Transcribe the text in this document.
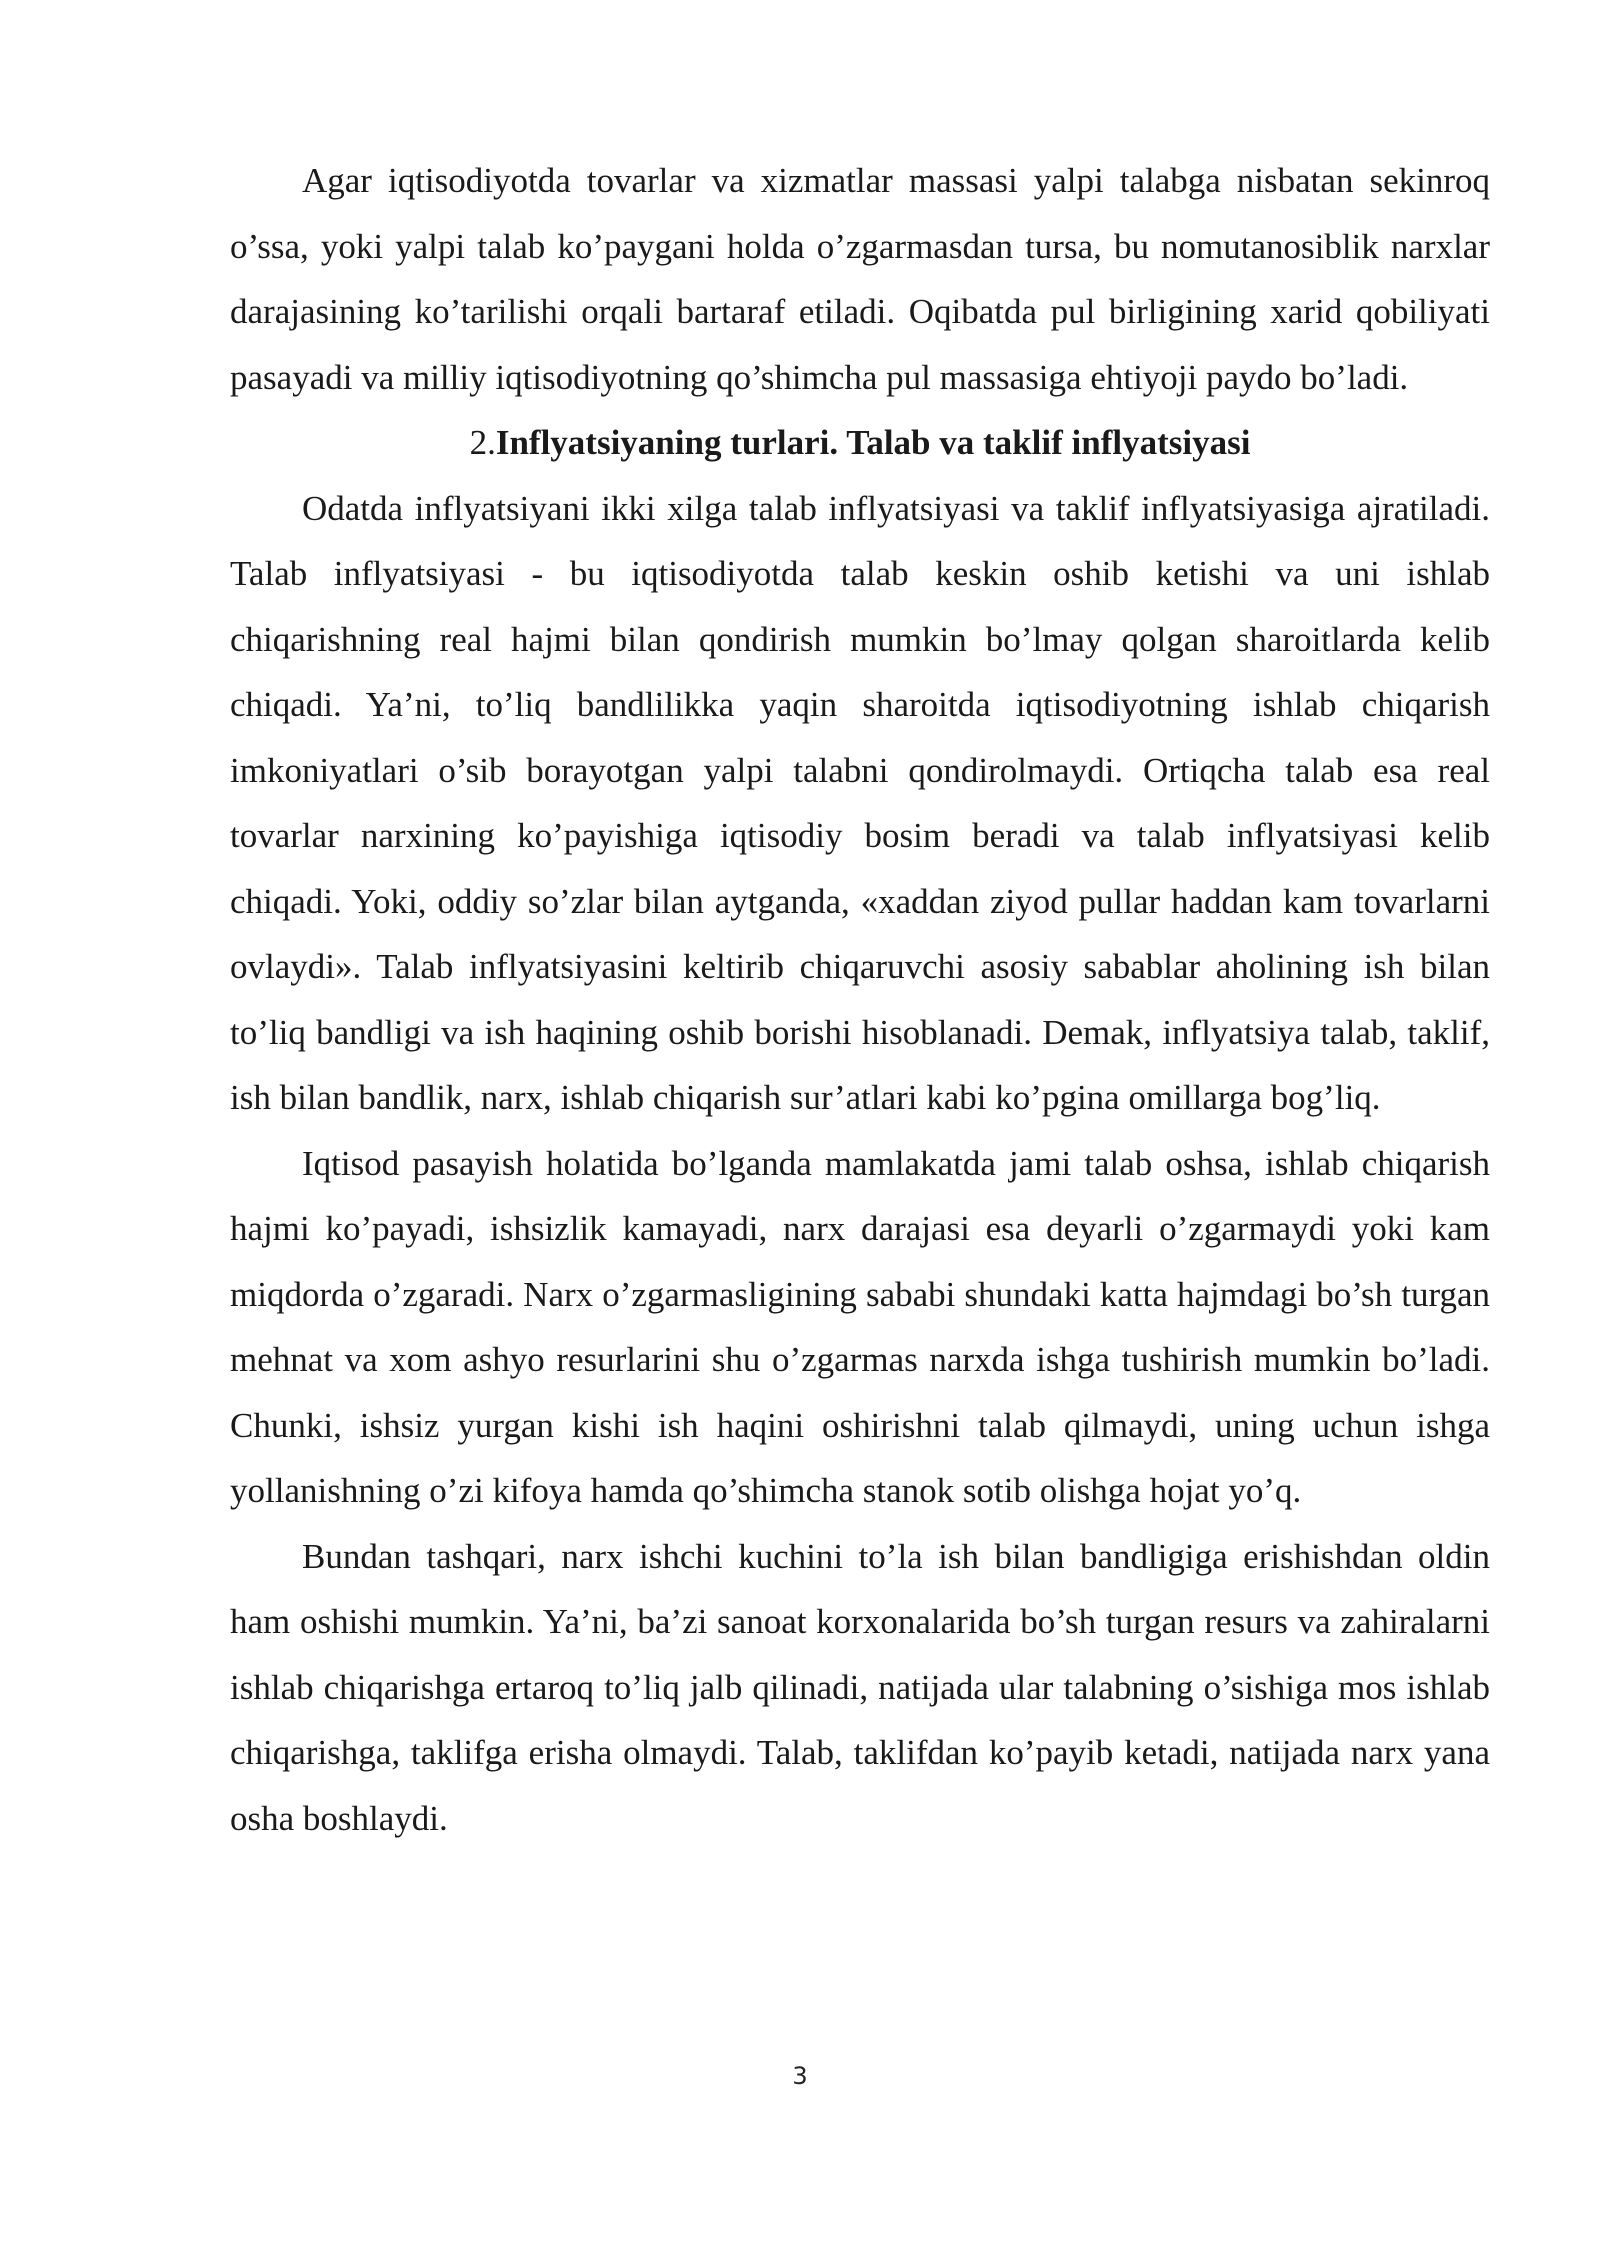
Agar iqtisodiyotda tovarlar va xizmatlar massasi yalpi talabga nisbatan sekinroq o’ssa, yoki yalpi talab ko’paygani holda o’zgarmasdan tursa, bu nomutanosiblik narxlar darajasining ko’tarilishi orqali bartaraf etiladi. Oqibatda pul birligining xarid qobiliyati pasayadi va milliy iqtisodiyotning qo’shimcha pul massasiga ehtiyoji paydo bo’ladi.

2.Inflyatsiyaning turlari. Talab va taklif inflyatsiyasi

Odatda inflyatsiyani ikki xilga talab inflyatsiyasi va taklif inflyatsiyasiga ajratiladi. Talab inflyatsiyasi - bu iqtisodiyotda talab keskin oshib ketishi va uni ishlab chiqarishning real hajmi bilan qondirish mumkin bo’lmay qolgan sharoitlarda kelib chiqadi. Ya’ni, to’liq bandlilikka yaqin sharoitda iqtisodiyotning ishlab chiqarish imkoniyatlari o’sib borayotgan yalpi talabni qondirolmaydi. Ortiqcha talab esa real tovarlar narxining ko’payishiga iqtisodiy bosim beradi va talab inflyatsiyasi kelib chiqadi. Yoki, oddiy so’zlar bilan aytganda, «xaddan ziyod pullar haddan kam tovarlarni ovlaydi». Talab inflyatsiyasini keltirib chiqaruvchi asosiy sabablar aholining ish bilan to’liq bandligi va ish haqining oshib borishi hisoblanadi. Demak, inflyatsiya talab, taklif, ish bilan bandlik, narx, ishlab chiqarish sur’atlari kabi ko’pgina omillarga bog’liq.

Iqtisod pasayish holatida bo’lganda mamlakatda jami talab oshsa, ishlab chiqarish hajmi ko’payadi, ishsizlik kamayadi, narx darajasi esa deyarli o’zgarmaydi yoki kam miqdorda o’zgaradi. Narx o’zgarmasligining sababi shundaki katta hajmdagi bo’sh turgan mehnat va xom ashyo resurlarini shu o’zgarmas narxda ishga tushirish mumkin bo’ladi. Chunki, ishsiz yurgan kishi ish haqini oshirishni talab qilmaydi, uning uchun ishga yollanishning o’zi kifoya hamda qo’shimcha stanok sotib olishga hojat yo’q.

Bundan tashqari, narx ishchi kuchini to’la ish bilan bandligiga erishishdan oldin ham oshishi mumkin. Ya’ni, ba’zi sanoat korxonalarida bo’sh turgan resurs va zahiralarni ishlab chiqarishga ertaroq to’liq jalb qilinadi, natijada ular talabning o’sishiga mos ishlab chiqarishga, taklifga erisha olmaydi. Talab, taklifdan ko’payib ketadi, natijada narx yana osha boshlaydi.

3
